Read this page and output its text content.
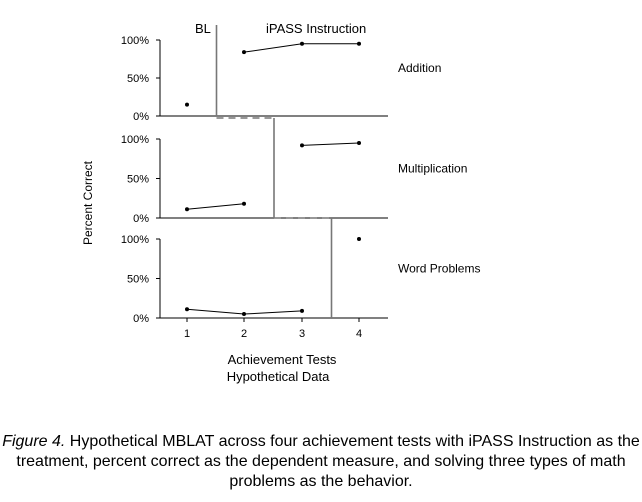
BL	iPASS Instruction
Percent Correct
Achievement Tests
Hypothetical Data
0%
50%
100%
Addition
0%
50%
100%
Multiplication
0%
50%
100%
Word Problems
1	2	3	4
Figure 4. Hypothetical MBLAT across four achievement tests with iPASS Instruction as the treatment, percent correct as the dependent measure, and solving three types of math problems as the behavior.
